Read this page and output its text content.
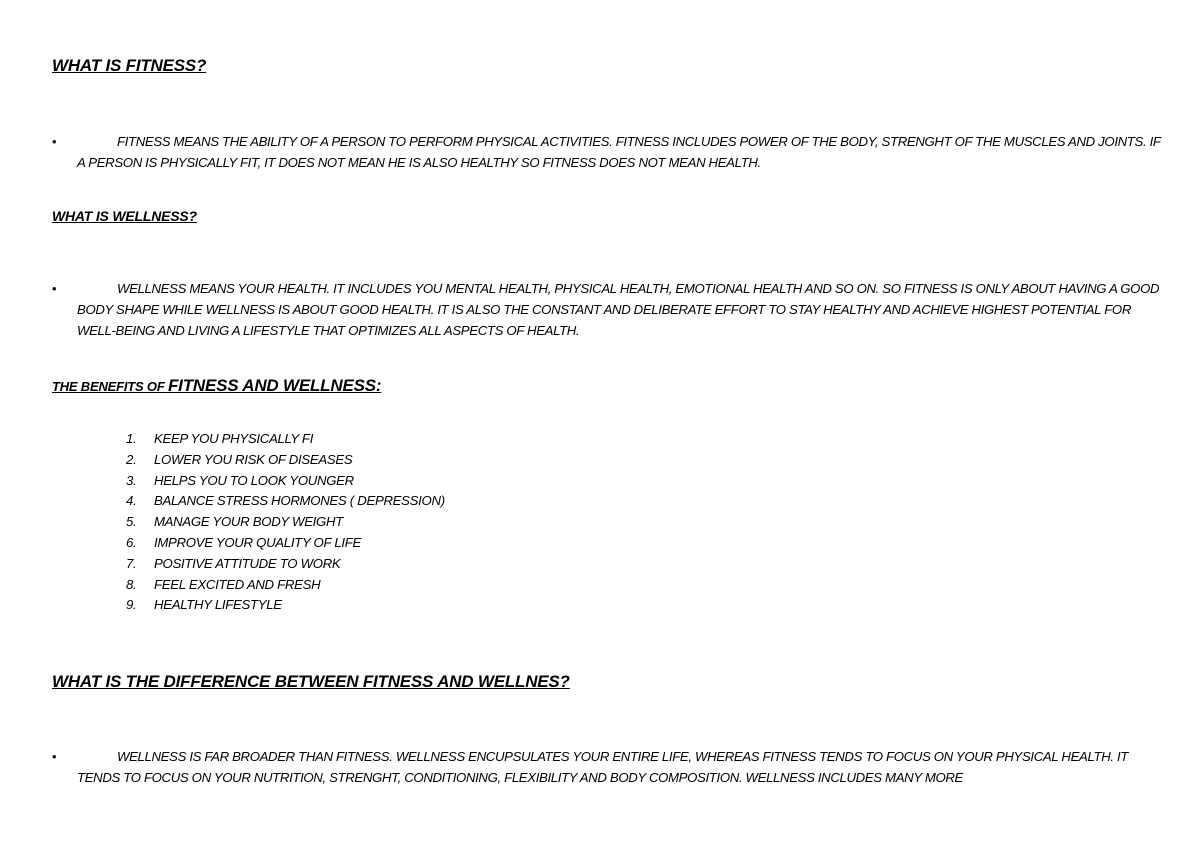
WHAT IS FITNESS?

•	FITNESS MEANS THE ABILITY OF A PERSON TO PERFORM PHYSICAL ACTIVITIES. FITNESS INCLUDES POWER OF THE BODY, STRENGHT OF THE MUSCLES AND JOINTS. IF A PERSON IS PHYSICALLY FIT, IT DOES NOT MEAN HE IS ALSO HEALTHY SO FITNESS DOES NOT MEAN HEALTH.

WHAT IS WELLNESS?

•	WELLNESS MEANS YOUR HEALTH. IT INCLUDES YOU MENTAL HEALTH, PHYSICAL HEALTH, EMOTIONAL HEALTH AND SO ON. SO FITNESS IS ONLY ABOUT HAVING A GOOD BODY SHAPE WHILE WELLNESS IS ABOUT GOOD HEALTH. IT IS ALSO THE CONSTANT AND DELIBERATE EFFORT TO STAY HEALTHY AND ACHIEVE HIGHEST POTENTIAL FOR WELL-BEING AND LIVING A LIFESTYLE THAT OPTIMIZES ALL ASPECTS OF HEALTH.

THE BENEFITS OF FITNESS AND WELLNESS:
1. KEEP YOU PHYSICALLY FI
2. LOWER YOU RISK OF DISEASES
3. HELPS YOU TO LOOK YOUNGER
4. BALANCE STRESS HORMONES ( DEPRESSION)
5. MANAGE YOUR BODY WEIGHT
6. IMPROVE YOUR QUALITY OF LIFE
7. POSITIVE ATTITUDE TO WORK
8. FEEL EXCITED AND FRESH
9. HEALTHY LIFESTYLE
WHAT IS THE DIFFERENCE BETWEEN FITNESS AND WELLNES?

•	WELLNESS IS FAR BROADER THAN FITNESS. WELLNESS ENCUPSULATES YOUR ENTIRE LIFE, WHEREAS FITNESS TENDS TO FOCUS ON YOUR PHYSICAL HEALTH. IT TENDS TO FOCUS ON YOUR NUTRITION, STRENGHT, CONDITIONING, FLEXIBILITY AND BODY COMPOSITION. WELLNESS INCLUDES MANY MORE
